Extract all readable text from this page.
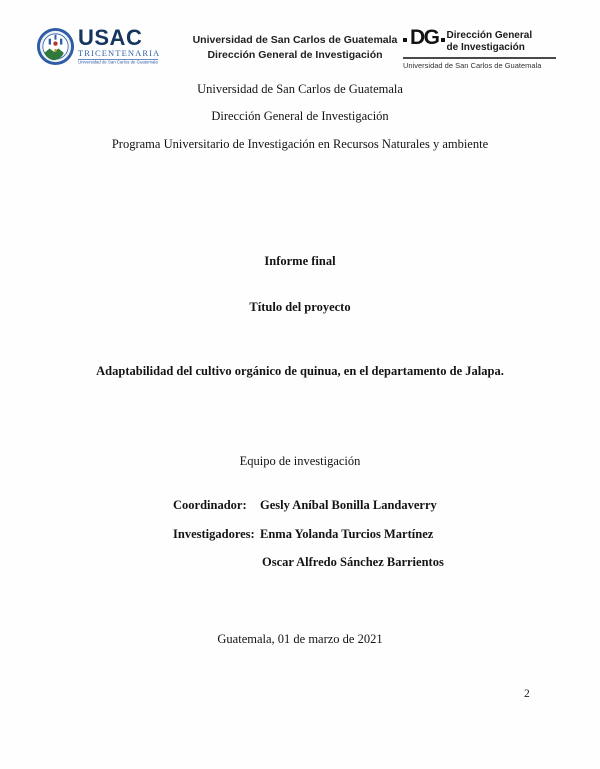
USAC
TRICENTENARIA
Universidad de San Carlos de Guatemala
Universidad de San Carlos de Guatemala
Dirección General de Investigación
DG Dirección General
de Investigación
Universidad de San Carlos de Guatemala
Universidad de San Carlos de Guatemala
Dirección General de Investigación
Programa Universitario de Investigación en Recursos Naturales y ambiente
Informe final
Título del proyecto
Adaptabilidad del cultivo orgánico de quinua, en el departamento de Jalapa.
Equipo de investigación
Coordinador: Gesly Aníbal Bonilla Landaverry
Investigadores: Enma Yolanda Turcios Martínez
Oscar Alfredo Sánchez Barrientos
Guatemala, 01 de marzo de 2021
2
